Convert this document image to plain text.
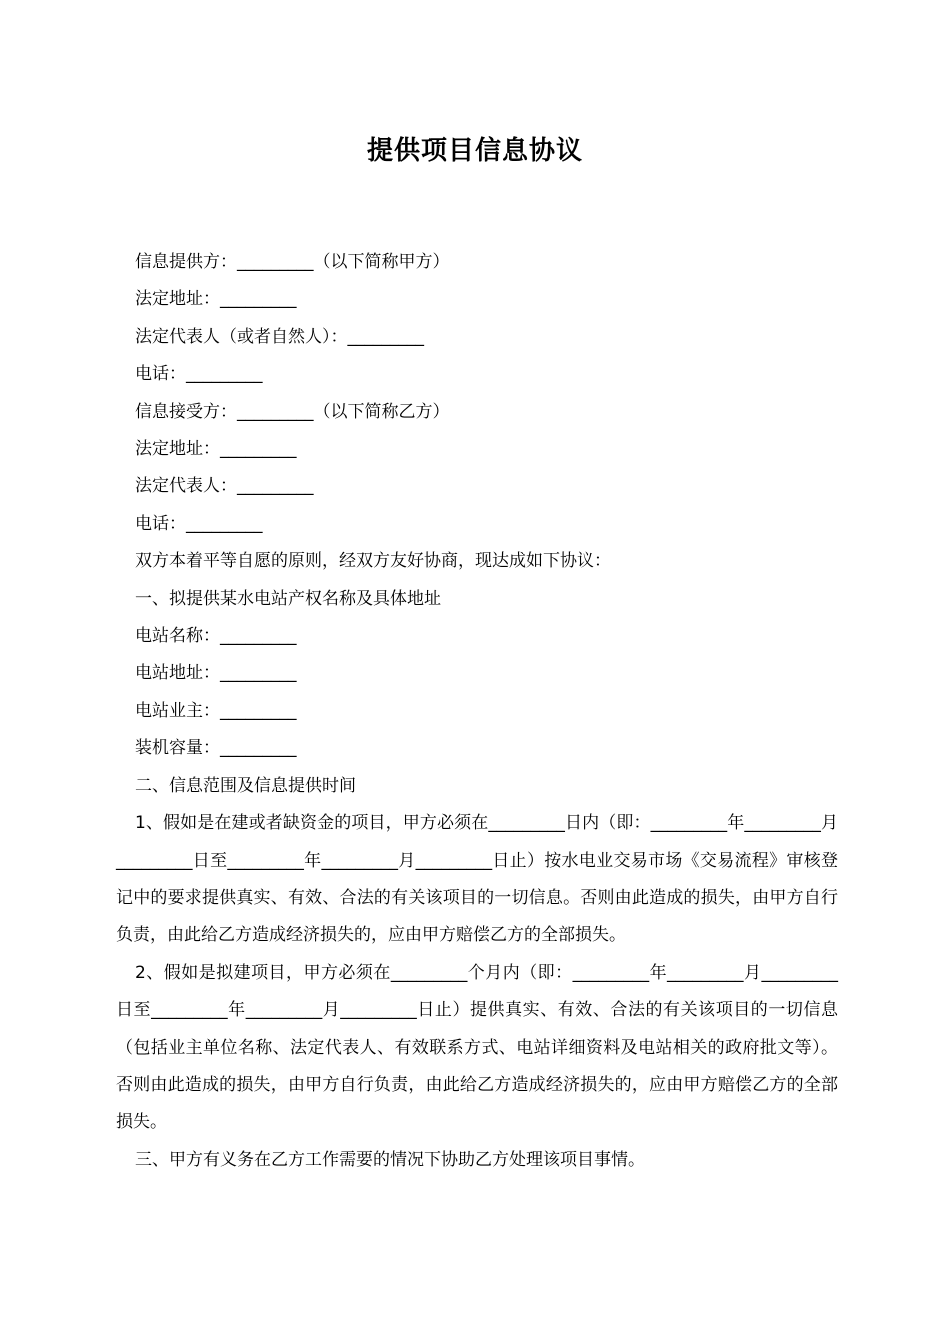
提供项目信息协议
信息提供方：_________（以下简称甲方）
法定地址：_________
法定代表人（或者自然人）：_________
电话：_________
信息接受方：_________（以下简称乙方）
法定地址：_________
法定代表人：_________
电话：_________
双方本着平等自愿的原则，经双方友好协商，现达成如下协议：
一、拟提供某水电站产权名称及具体地址
电站名称：_________
电站地址：_________
电站业主：_________
装机容量：_________
二、信息范围及信息提供时间
1、假如是在建或者缺资金的项目，甲方必须在_________日内（即：_________年_________月_________日至_________年_________月_________日止）按水电业交易市场《交易流程》审核登记中的要求提供真实、有效、合法的有关该项目的一切信息。否则由此造成的损失，由甲方自行负责，由此给乙方造成经济损失的，应由甲方赔偿乙方的全部损失。
2、假如是拟建项目，甲方必须在_________个月内（即：_________年_________月_________日至_________年_________月_________日止）提供真实、有效、合法的有关该项目的一切信息（包括业主单位名称、法定代表人、有效联系方式、电站详细资料及电站相关的政府批文等）。否则由此造成的损失，由甲方自行负责，由此给乙方造成经济损失的，应由甲方赔偿乙方的全部损失。
三、甲方有义务在乙方工作需要的情况下协助乙方处理该项目事情。
